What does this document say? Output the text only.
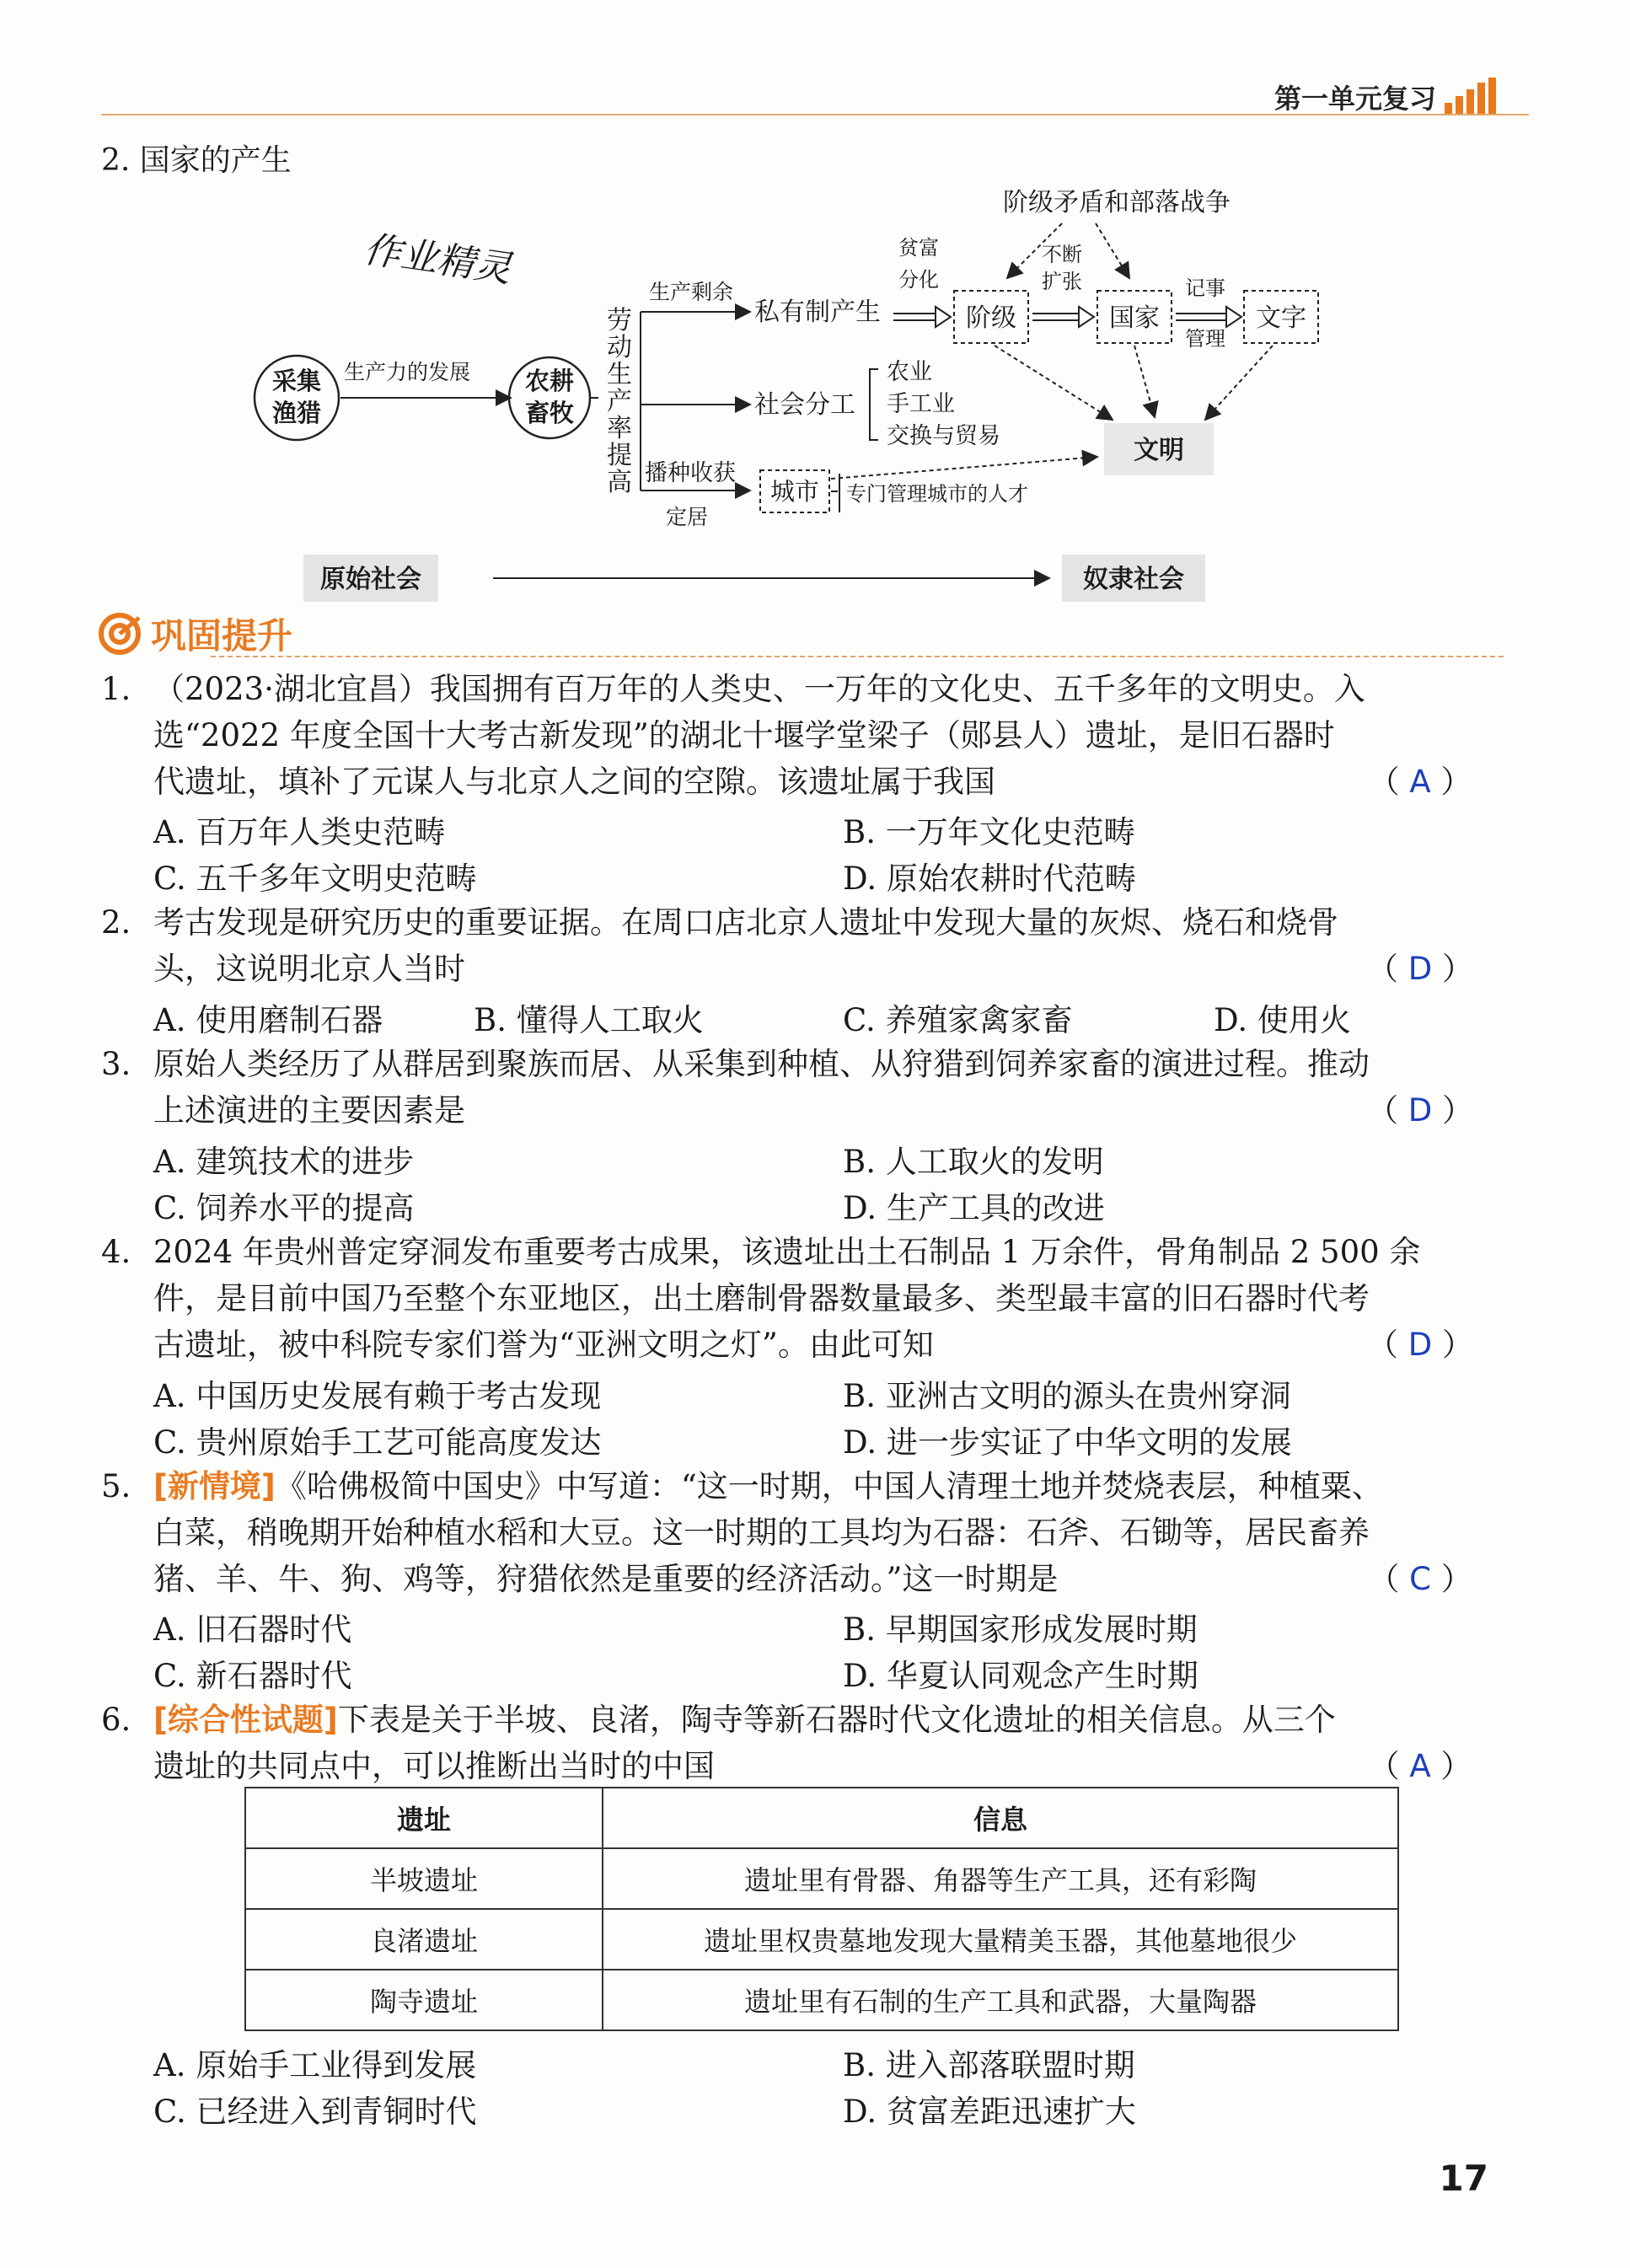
第一单元复习
2. 国家的产生
作业精灵
阶级矛盾和部落战争
采集
渔猎
生产力的发展 农耕
畜牧
劳
动
生
产
率
提
高
生产剩余
私有制产生
社会分工
农业
手工业
交换与贸易
播种收获
定居
城市 专门管理城市的人才
贫富
分化
阶级
不断
扩张
国家
记事
管理
文字
文明
原始社会	奴隶社会
巩固提升
1. （2023·湖北宜昌）我国拥有百万年的人类史、一万年的文化史、五千多年的文明史。入
选“2022 年度全国十大考古新发现”的湖北十堰学堂梁子（郧县人）遗址，是旧石器时
代遗址，填补了元谋人与北京人之间的空隙。该遗址属于我国	（ A ）
A. 百万年人类史范畴	B. 一万年文化史范畴
C. 五千多年文明史范畴	D. 原始农耕时代范畴
2. 考古发现是研究历史的重要证据。在周口店北京人遗址中发现大量的灰烬、烧石和烧骨
头，这说明北京人当时	（ D ）
A. 使用磨制石器	B. 懂得人工取火	C. 养殖家禽家畜	D. 使用火
3. 原始人类经历了从群居到聚族而居、从采集到种植、从狩猎到饲养家畜的演进过程。推动
上述演进的主要因素是	（ D ）
A. 建筑技术的进步	B. 人工取火的发明
C. 饲养水平的提高	D. 生产工具的改进
4. 2024 年贵州普定穿洞发布重要考古成果，该遗址出土石制品 1 万余件，骨角制品 2 500 余
件，是目前中国乃至整个东亚地区，出土磨制骨器数量最多、类型最丰富的旧石器时代考
古遗址，被中科院专家们誉为“亚洲文明之灯”。由此可知	（ D ）
A. 中国历史发展有赖于考古发现	B. 亚洲古文明的源头在贵州穿洞
C. 贵州原始手工艺可能高度发达	D. 进一步实证了中华文明的发展
5. [新情境]《哈佛极简中国史》中写道：“这一时期，中国人清理土地并焚烧表层，种植粟、
白菜，稍晚期开始种植水稻和大豆。这一时期的工具均为石器：石斧、石锄等，居民畜养
猪、羊、牛、狗、鸡等，狩猎依然是重要的经济活动。”这一时期是	（ C ）
A. 旧石器时代	B. 早期国家形成发展时期
C. 新石器时代	D. 华夏认同观念产生时期
6. [综合性试题]下表是关于半坡、良渚，陶寺等新石器时代文化遗址的相关信息。从三个
遗址的共同点中，可以推断出当时的中国	（ A ）
遗址	信息
半坡遗址	遗址里有骨器、角器等生产工具，还有彩陶
良渚遗址	遗址里权贵墓地发现大量精美玉器，其他墓地很少
陶寺遗址	遗址里有石制的生产工具和武器，大量陶器
A. 原始手工业得到发展	B. 进入部落联盟时期
C. 已经进入到青铜时代	D. 贫富差距迅速扩大
17
